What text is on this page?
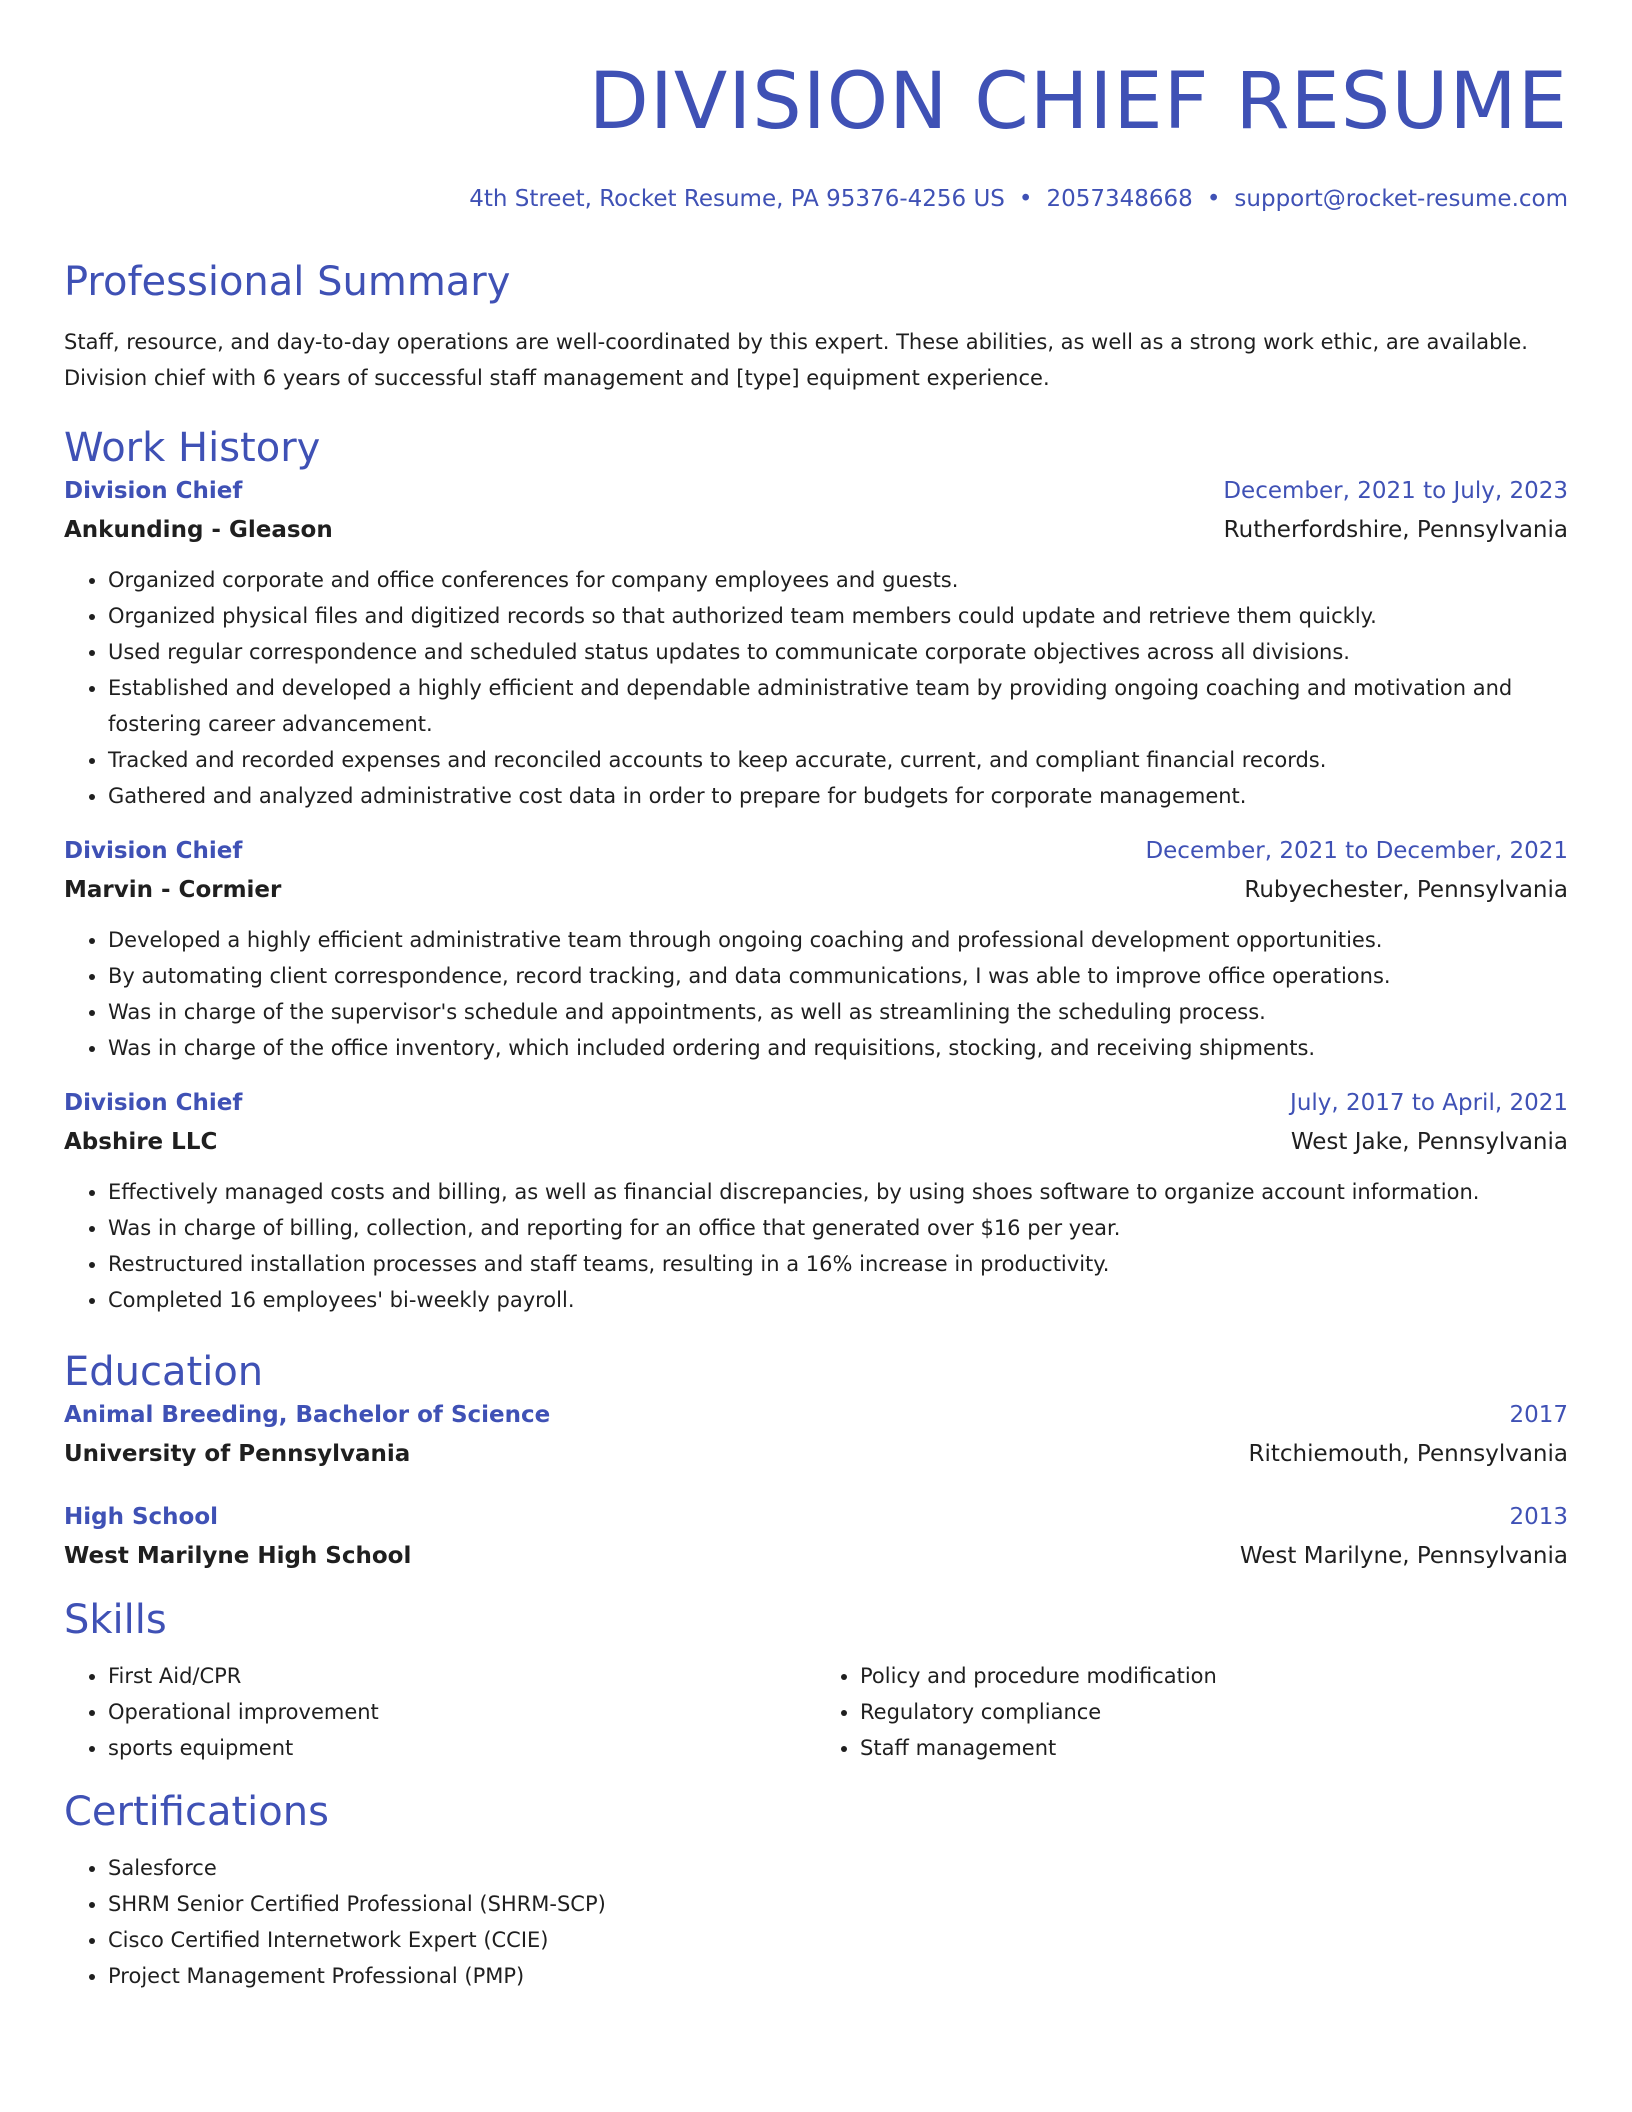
DIVISION CHIEF RESUME
4th Street, Rocket Resume, PA 95376-4256 US • 2057348668 • support@rocket-resume.com
Professional Summary
Staff, resource, and day-to-day operations are well-coordinated by this expert. These abilities, as well as a strong work ethic, are available. Division chief with 6 years of successful staff management and [type] equipment experience.
Work History
Division Chief	December, 2021 to July, 2023
Ankunding - Gleason	Rutherfordshire, Pennsylvania
• Organized corporate and office conferences for company employees and guests.
• Organized physical files and digitized records so that authorized team members could update and retrieve them quickly.
• Used regular correspondence and scheduled status updates to communicate corporate objectives across all divisions.
• Established and developed a highly efficient and dependable administrative team by providing ongoing coaching and motivation and fostering career advancement.
• Tracked and recorded expenses and reconciled accounts to keep accurate, current, and compliant financial records.
• Gathered and analyzed administrative cost data in order to prepare for budgets for corporate management.
Division Chief	December, 2021 to December, 2021
Marvin - Cormier	Rubyechester, Pennsylvania
• Developed a highly efficient administrative team through ongoing coaching and professional development opportunities.
• By automating client correspondence, record tracking, and data communications, I was able to improve office operations.
• Was in charge of the supervisor's schedule and appointments, as well as streamlining the scheduling process.
• Was in charge of the office inventory, which included ordering and requisitions, stocking, and receiving shipments.
Division Chief	July, 2017 to April, 2021
Abshire LLC	West Jake, Pennsylvania
• Effectively managed costs and billing, as well as financial discrepancies, by using shoes software to organize account information.
• Was in charge of billing, collection, and reporting for an office that generated over $16 per year.
• Restructured installation processes and staff teams, resulting in a 16% increase in productivity.
• Completed 16 employees' bi-weekly payroll.
Education
Animal Breeding, Bachelor of Science	2017
University of Pennsylvania	Ritchiemouth, Pennsylvania
High School	2013
West Marilyne High School	West Marilyne, Pennsylvania
Skills
• First Aid/CPR
• Operational improvement
• sports equipment
• Policy and procedure modification
• Regulatory compliance
• Staff management
Certifications
• Salesforce
• SHRM Senior Certified Professional (SHRM-SCP)
• Cisco Certified Internetwork Expert (CCIE)
• Project Management Professional (PMP)
